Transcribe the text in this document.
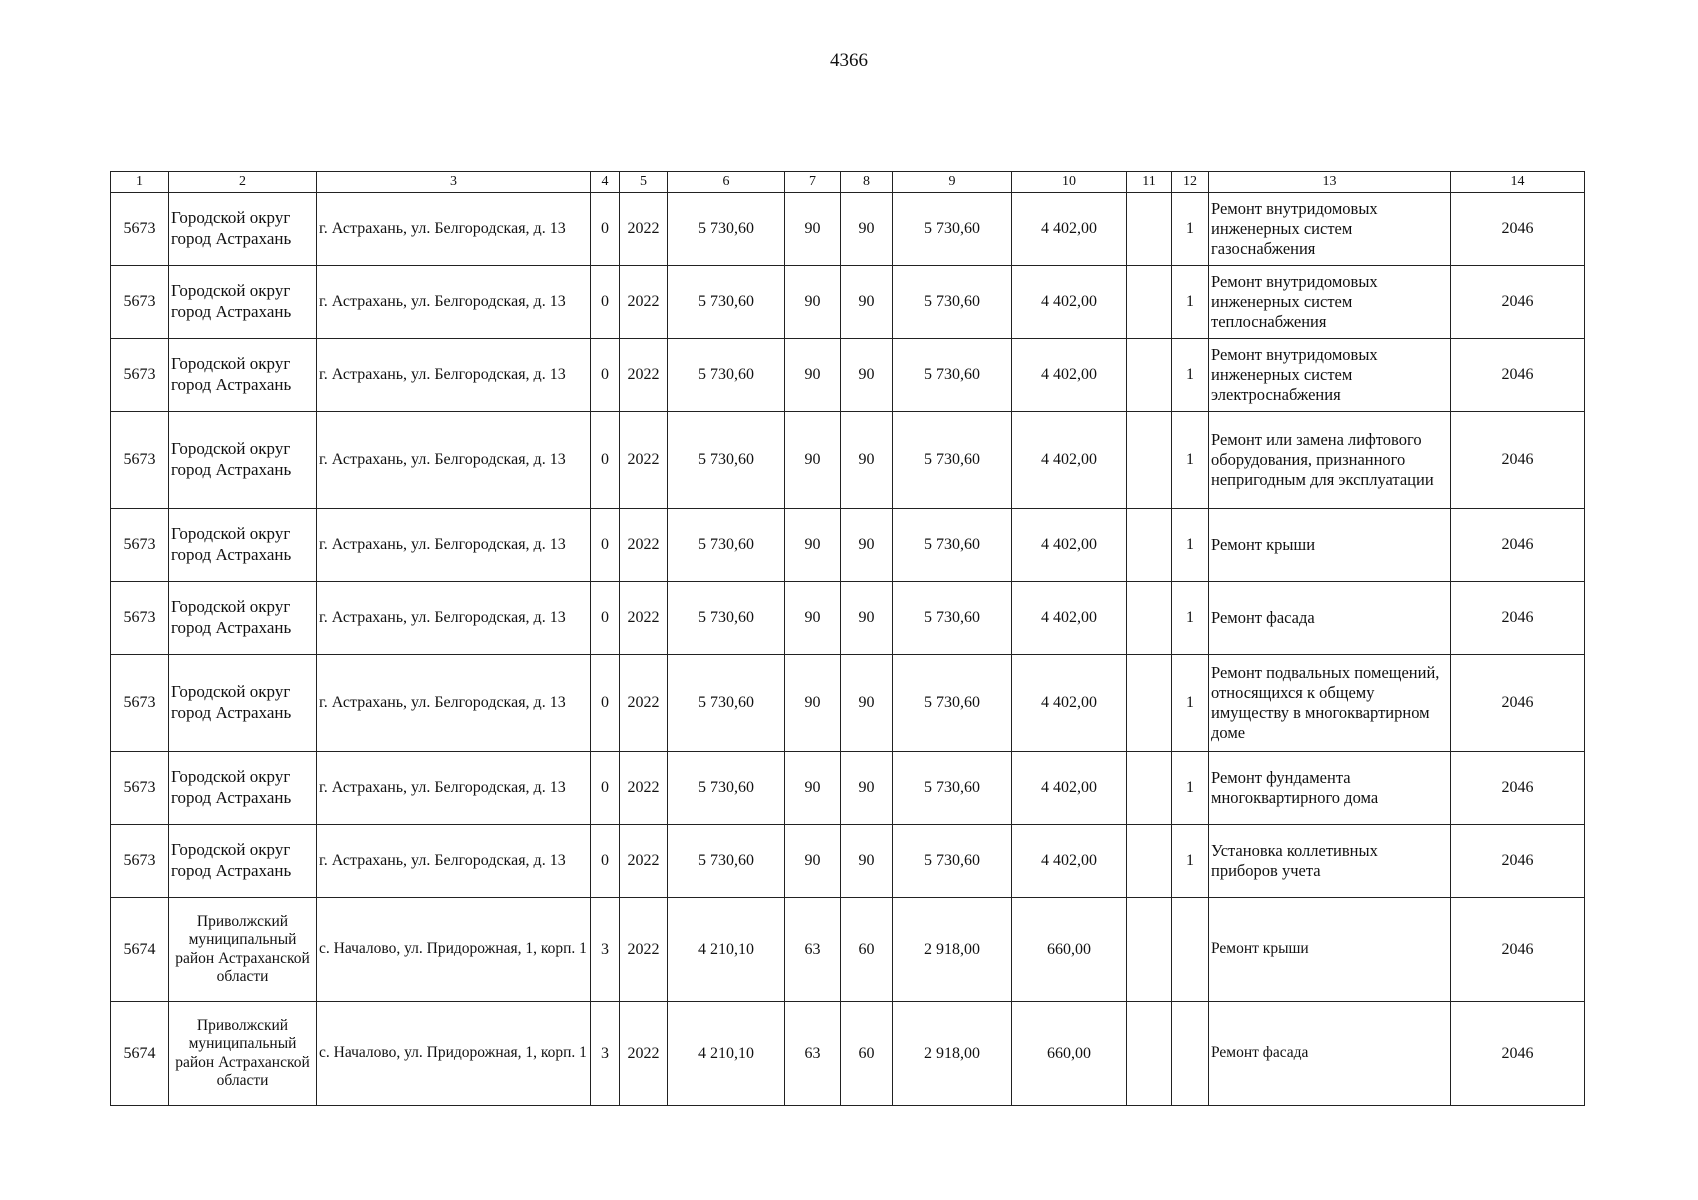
4366
1	2	3	4	5	6	7	8	9	10	11	12	13	14
5673	Городской округ город Астрахань	г. Астрахань, ул. Белгородская, д. 13	0	2022	5 730,60	90	90	5 730,60	4 402,00		1	Ремонт внутридомовых инженерных систем газоснабжения	2046
5673	Городской округ город Астрахань	г. Астрахань, ул. Белгородская, д. 13	0	2022	5 730,60	90	90	5 730,60	4 402,00		1	Ремонт внутридомовых инженерных систем теплоснабжения	2046
5673	Городской округ город Астрахань	г. Астрахань, ул. Белгородская, д. 13	0	2022	5 730,60	90	90	5 730,60	4 402,00		1	Ремонт внутридомовых инженерных систем электроснабжения	2046
5673	Городской округ город Астрахань	г. Астрахань, ул. Белгородская, д. 13	0	2022	5 730,60	90	90	5 730,60	4 402,00		1	Ремонт или замена лифтового оборудования, признанного непригодным для эксплуатации	2046
5673	Городской округ город Астрахань	г. Астрахань, ул. Белгородская, д. 13	0	2022	5 730,60	90	90	5 730,60	4 402,00		1	Ремонт крыши	2046
5673	Городской округ город Астрахань	г. Астрахань, ул. Белгородская, д. 13	0	2022	5 730,60	90	90	5 730,60	4 402,00		1	Ремонт фасада	2046
5673	Городской округ город Астрахань	г. Астрахань, ул. Белгородская, д. 13	0	2022	5 730,60	90	90	5 730,60	4 402,00		1	Ремонт подвальных помещений, относящихся к общему имуществу в многоквартирном доме	2046
5673	Городской округ город Астрахань	г. Астрахань, ул. Белгородская, д. 13	0	2022	5 730,60	90	90	5 730,60	4 402,00		1	Ремонт фундамента многоквартирного дома	2046
5673	Городской округ город Астрахань	г. Астрахань, ул. Белгородская, д. 13	0	2022	5 730,60	90	90	5 730,60	4 402,00		1	Установка коллетивных приборов учета	2046
5674	Приволжский муниципальный район Астраханской области	с. Началово, ул. Придорожная, 1, корп. 1	3	2022	4 210,10	63	60	2 918,00	660,00			Ремонт крыши	2046
5674	Приволжский муниципальный район Астраханской области	с. Началово, ул. Придорожная, 1, корп. 1	3	2022	4 210,10	63	60	2 918,00	660,00			Ремонт фасада	2046
